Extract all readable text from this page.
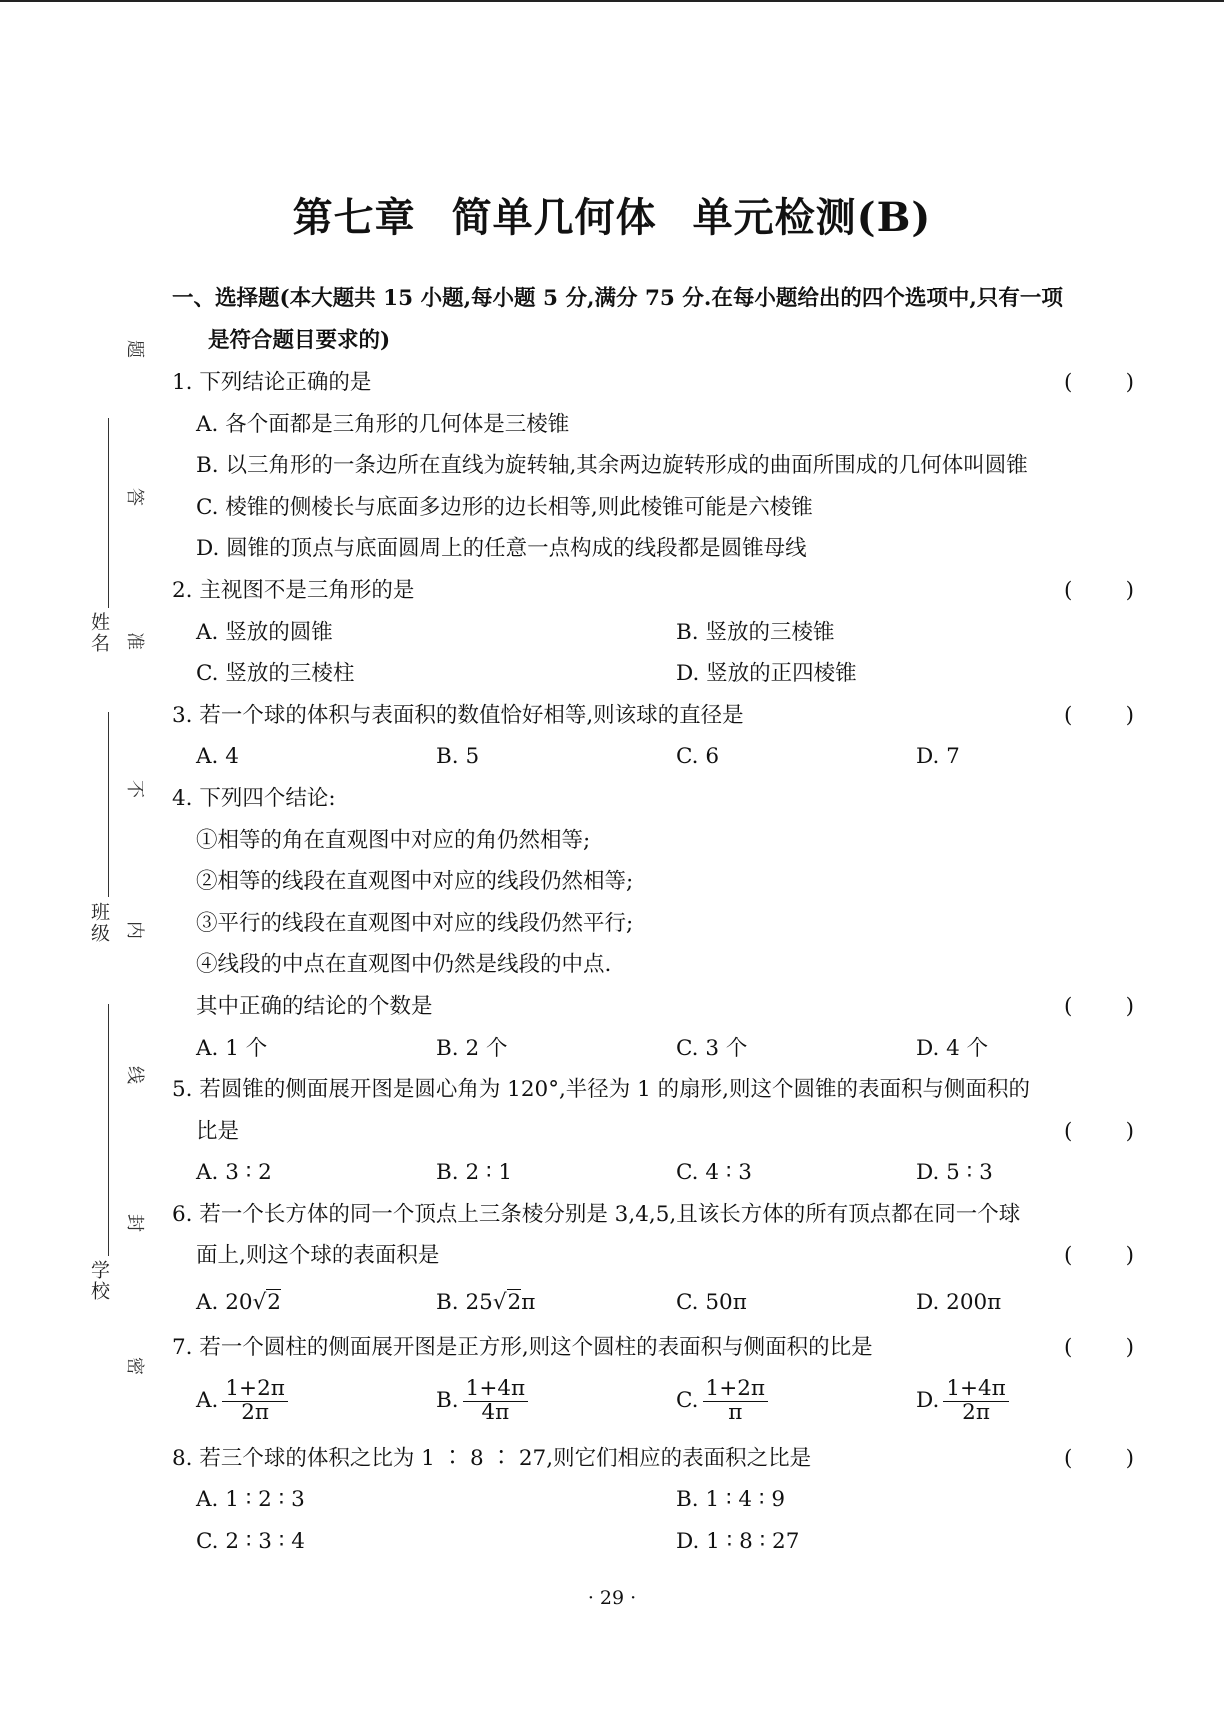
姓名
班级
学校
题
答
准
不
内
线
封
密
第七章 简单几何体 单元检测(B)
一、选择题(本大题共 15 小题,每小题 5 分,满分 75 分.在每小题给出的四个选项中,只有一项
是符合题目要求的)
1. 下列结论正确的是	( )
A. 各个面都是三角形的几何体是三棱锥
B. 以三角形的一条边所在直线为旋转轴,其余两边旋转形成的曲面所围成的几何体叫圆锥
C. 棱锥的侧棱长与底面多边形的边长相等,则此棱锥可能是六棱锥
D. 圆锥的顶点与底面圆周上的任意一点构成的线段都是圆锥母线
2. 主视图不是三角形的是	( )
A. 竖放的圆锥	B. 竖放的三棱锥
C. 竖放的三棱柱	D. 竖放的正四棱锥
3. 若一个球的体积与表面积的数值恰好相等,则该球的直径是	( )
A. 4	B. 5	C. 6	D. 7
4. 下列四个结论:
①相等的角在直观图中对应的角仍然相等;
②相等的线段在直观图中对应的线段仍然相等;
③平行的线段在直观图中对应的线段仍然平行;
④线段的中点在直观图中仍然是线段的中点.
其中正确的结论的个数是	( )
A. 1 个	B. 2 个	C. 3 个	D. 4 个
5. 若圆锥的侧面展开图是圆心角为 120°,半径为 1 的扇形,则这个圆锥的表面积与侧面积的
比是	( )
A. 3 ∶ 2	B. 2 ∶ 1	C. 4 ∶ 3	D. 5 ∶ 3
6. 若一个长方体的同一个顶点上三条棱分别是 3,4,5,且该长方体的所有顶点都在同一个球
面上,则这个球的表面积是	( )
A. 20√2	B. 25√2π	C. 50π	D. 200π
7. 若一个圆柱的侧面展开图是正方形,则这个圆柱的表面积与侧面积的比是	( )
A. $\frac{1+2\pi}{2\pi}$	B. $\frac{1+4\pi}{4\pi}$	C. $\frac{1+2\pi}{\pi}$	D. $\frac{1+4\pi}{2\pi}$
8. 若三个球的体积之比为 1 ∶ 8 ∶ 27,则它们相应的表面积之比是	( )
A. 1 ∶ 2 ∶ 3	B. 1 ∶ 4 ∶ 9
C. 2 ∶ 3 ∶ 4	D. 1 ∶ 8 ∶ 27
· 29 ·
